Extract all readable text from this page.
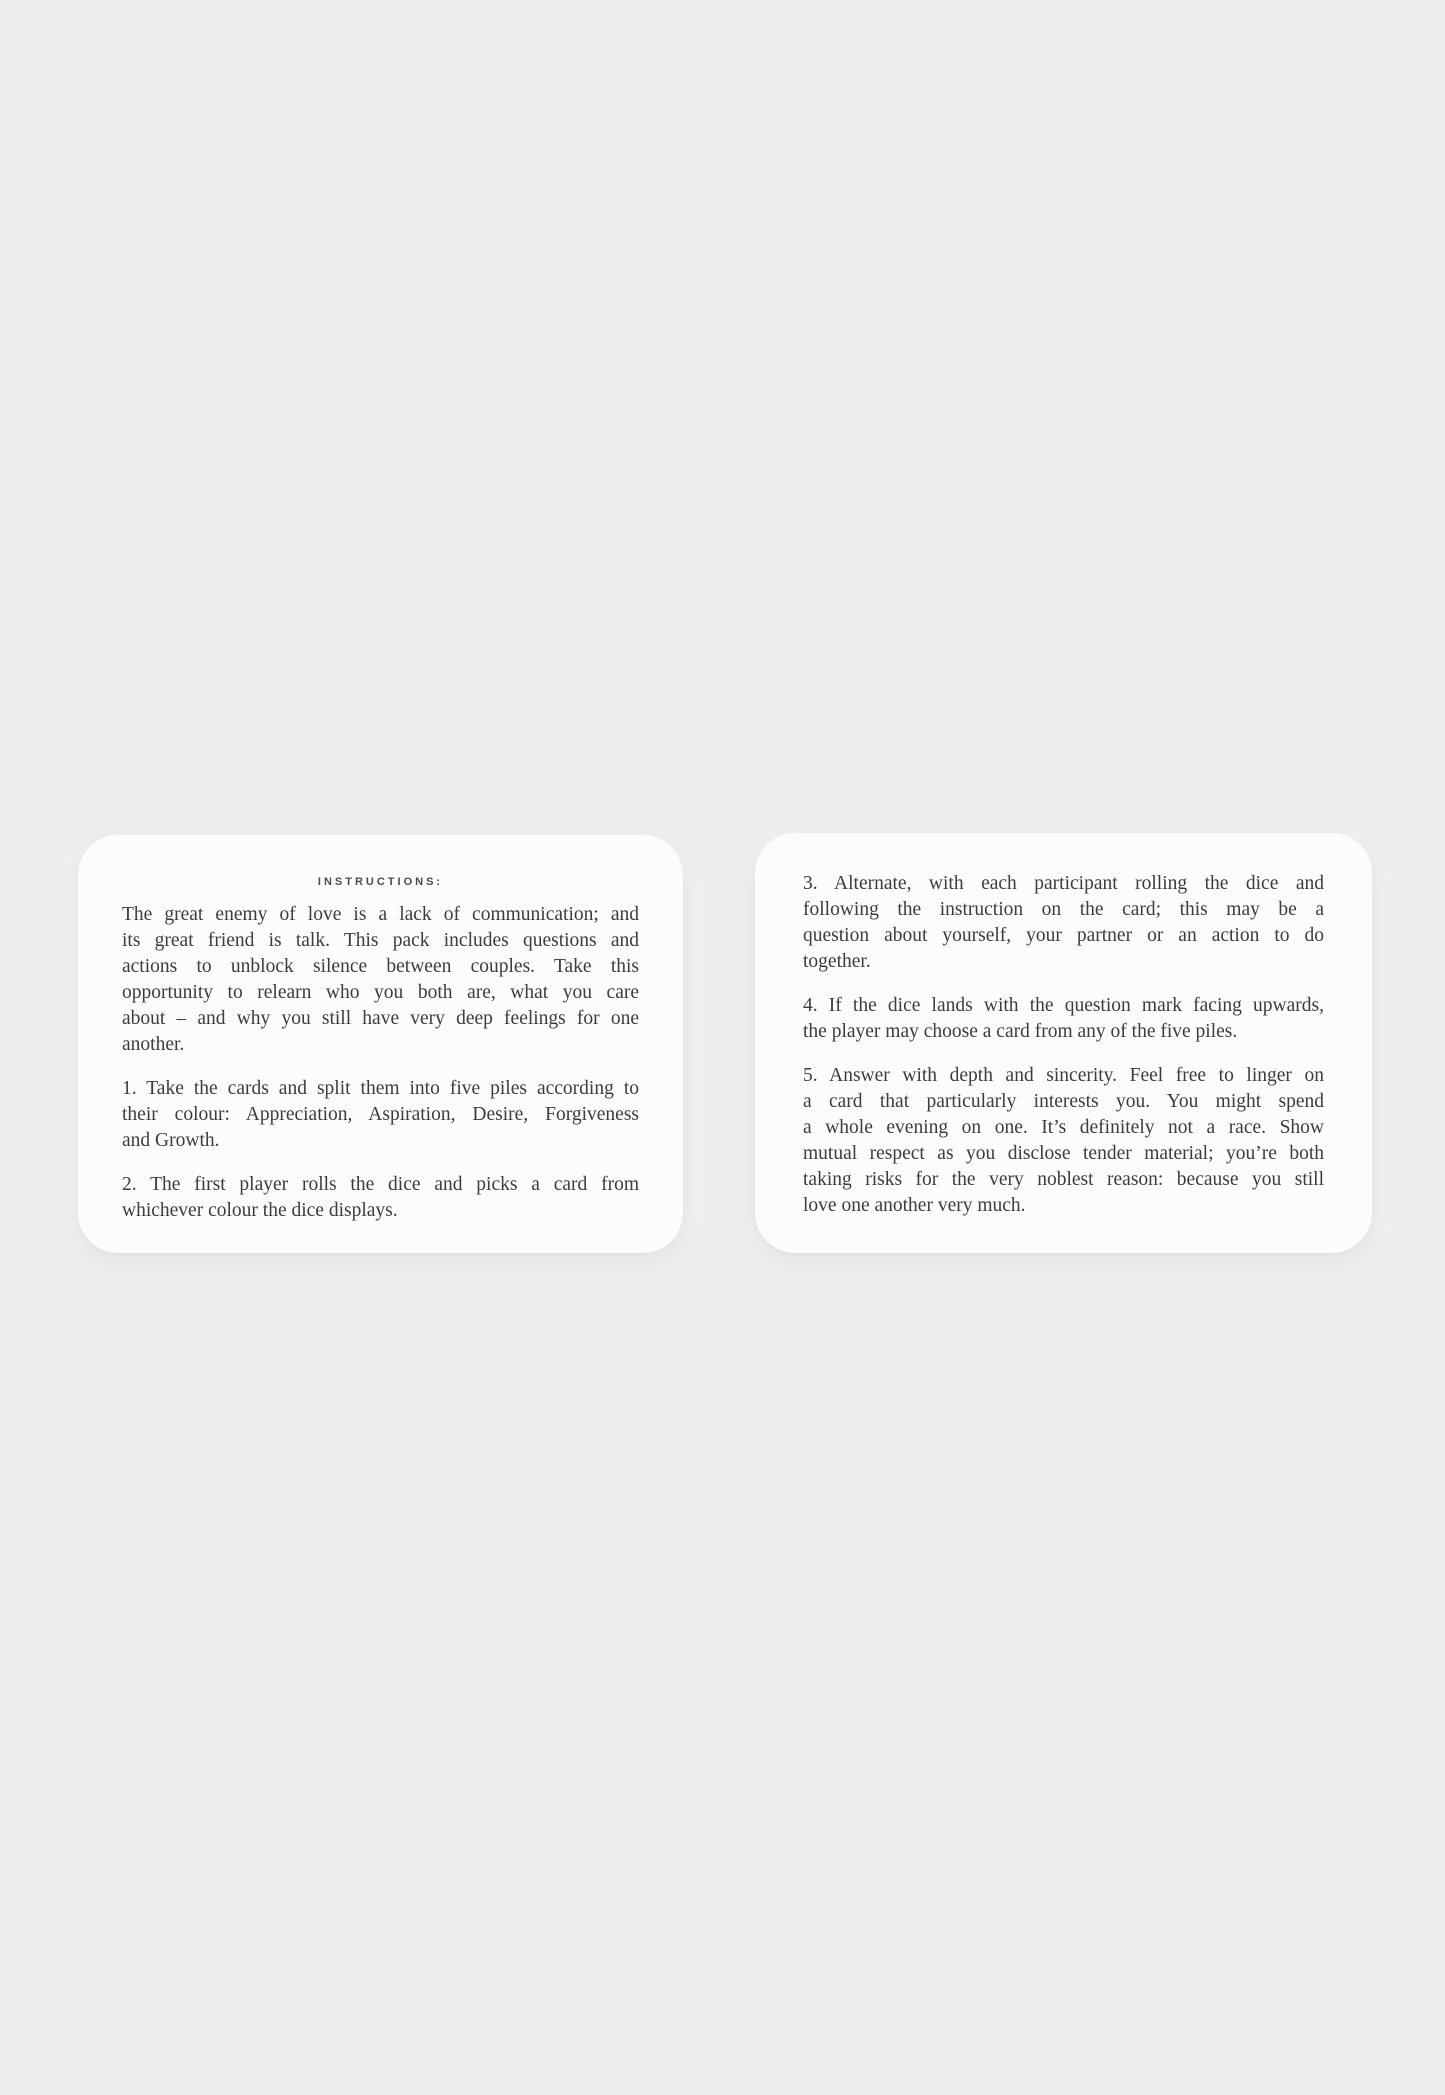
INSTRUCTIONS:
The great enemy of love is a lack of communication; and
its great friend is talk. This pack includes questions and
actions to unblock silence between couples. Take this
opportunity to relearn who you both are, what you care
about – and why you still have very deep feelings for one
another.
1. Take the cards and split them into five piles according to
their colour: Appreciation, Aspiration, Desire, Forgiveness
and Growth.
2. The first player rolls the dice and picks a card from
whichever colour the dice displays.
3. Alternate, with each participant rolling the dice and
following the instruction on the card; this may be a
question about yourself, your partner or an action to do
together.
4. If the dice lands with the question mark facing upwards,
the player may choose a card from any of the five piles.
5. Answer with depth and sincerity. Feel free to linger on
a card that particularly interests you. You might spend
a whole evening on one. It’s definitely not a race. Show
mutual respect as you disclose tender material; you’re both
taking risks for the very noblest reason: because you still
love one another very much.
